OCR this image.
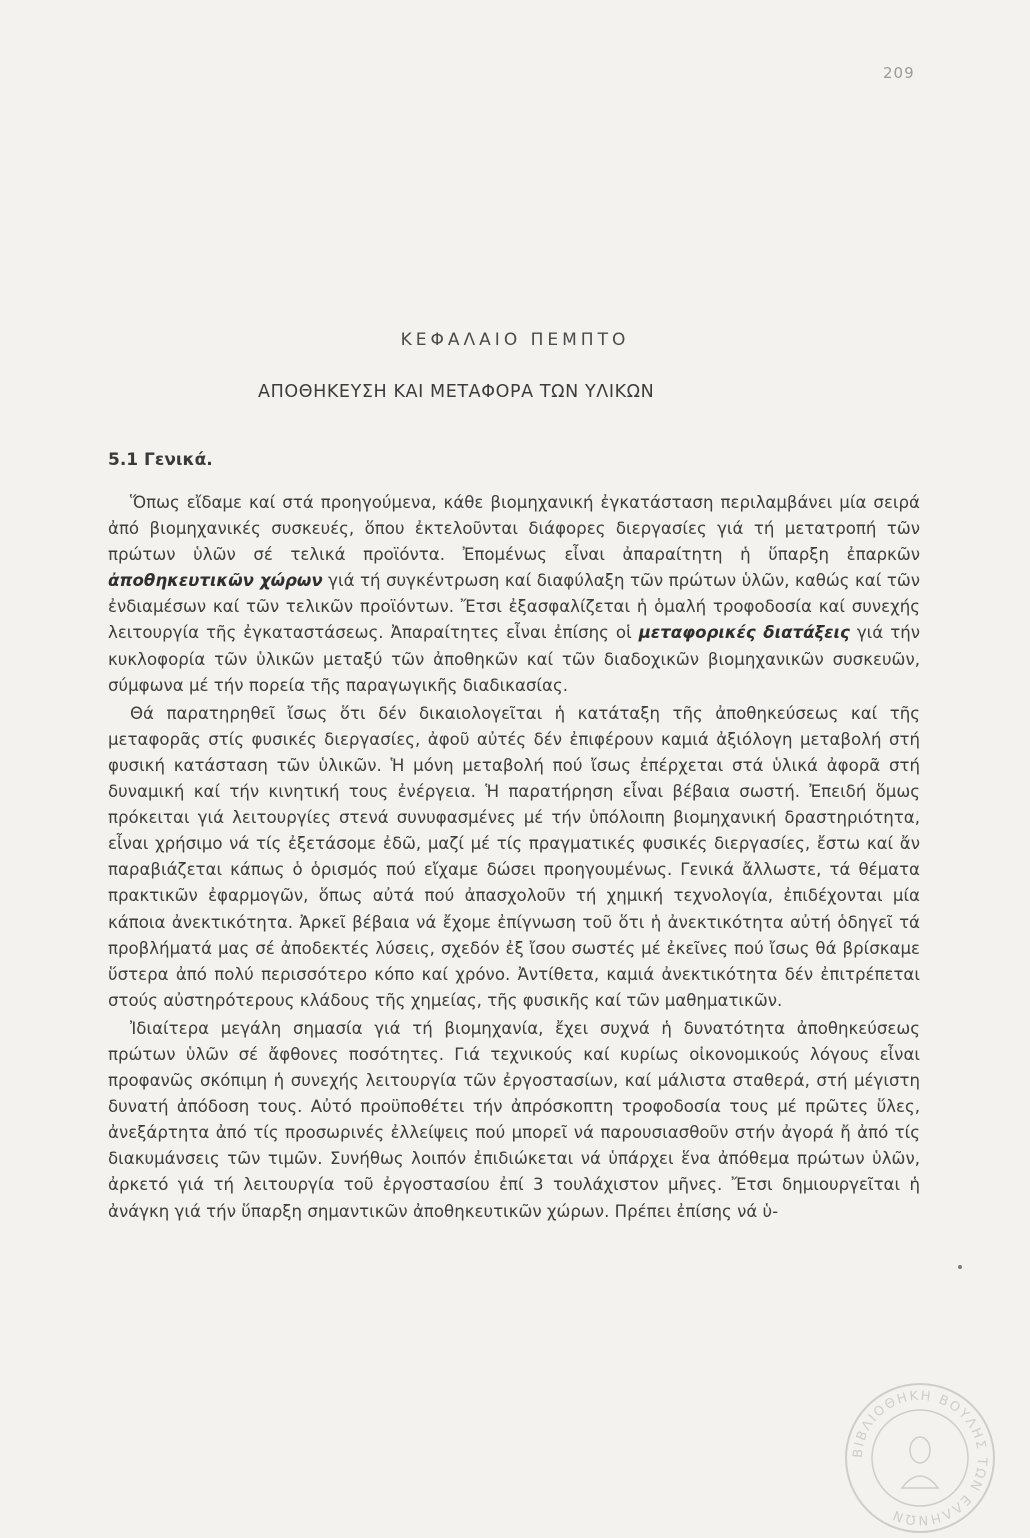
209

ΚΕΦΑΛΑΙΟ ΠΕΜΠΤΟ
ΑΠΟΘΗΚΕΥΣΗ ΚΑΙ ΜΕΤΑΦΟΡΑ ΤΩΝ ΥΛΙΚΩΝ
5.1 Γενικά.

Ὅπως εἴδαμε καί στά προηγούμενα, κάθε βιομηχανική ἐγκατάσταση περιλαμβάνει μία σειρά ἀπό βιομηχανικές συσκευές, ὅπου ἐκτελοῦνται διάφορες διεργασίες γιά τή μετατροπή τῶν πρώτων ὑλῶν σέ τελικά προϊόντα. Ἐπομένως εἶναι ἀπαραίτητη ἡ ὕπαρξη ἐπαρκῶν ἀποθηκευτικῶν χώρων γιά τή συγκέντρωση καί διαφύλαξη τῶν πρώτων ὑλῶν, καθώς καί τῶν ἐνδιαμέσων καί τῶν τελικῶν προϊόντων. Ἔτσι ἐξασφαλίζεται ἡ ὁμαλή τροφοδοσία καί συνεχής λειτουργία τῆς ἐγκαταστάσεως. Ἀπαραίτητες εἶναι ἐπίσης οἱ μεταφορικές διατάξεις γιά τήν κυκλοφορία τῶν ὑλικῶν μεταξύ τῶν ἀποθηκῶν καί τῶν διαδοχικῶν βιομηχανικῶν συσκευῶν, σύμφωνα μέ τήν πορεία τῆς παραγωγικῆς διαδικασίας.

Θά παρατηρηθεῖ ἴσως ὅτι δέν δικαιολογεῖται ἡ κατάταξη τῆς ἀποθηκεύσεως καί τῆς μεταφορᾶς στίς φυσικές διεργασίες, ἀφοῦ αὐτές δέν ἐπιφέρουν καμιά ἀξιόλογη μεταβολή στή φυσική κατάσταση τῶν ὑλικῶν. Ἡ μόνη μεταβολή πού ἴσως ἐπέρχεται στά ὑλικά ἀφορᾶ στή δυναμική καί τήν κινητική τους ἐνέργεια. Ἡ παρατήρηση εἶναι βέβαια σωστή. Ἐπειδή ὅμως πρόκειται γιά λειτουργίες στενά συνυφασμένες μέ τήν ὑπόλοιπη βιομηχανική δραστηριότητα, εἶναι χρήσιμο νά τίς ἐξετάσομε ἐδῶ, μαζί μέ τίς πραγματικές φυσικές διεργασίες, ἔστω καί ἄν παραβιάζεται κάπως ὁ ὁρισμός πού εἴχαμε δώσει προηγουμένως. Γενικά ἄλλωστε, τά θέματα πρακτικῶν ἐφαρμογῶν, ὅπως αὐτά πού ἀπασχολοῦν τή χημική τεχνολογία, ἐπιδέχονται μία κάποια ἀνεκτικότητα. Ἀρκεῖ βέβαια νά ἔχομε ἐπίγνωση τοῦ ὅτι ἡ ἀνεκτικότητα αὐτή ὁδηγεῖ τά προβλήματά μας σέ ἀποδεκτές λύσεις, σχεδόν ἐξ ἴσου σωστές μέ ἐκεῖνες πού ἴσως θά βρίσκαμε ὕστερα ἀπό πολύ περισσότερο κόπο καί χρόνο. Ἀντίθετα, καμιά ἀνεκτικότητα δέν ἐπιτρέπεται στούς αὐστηρότερους κλάδους τῆς χημείας, τῆς φυσικῆς καί τῶν μαθηματικῶν.

Ἰδιαίτερα μεγάλη σημασία γιά τή βιομηχανία, ἔχει συχνά ἡ δυνατότητα ἀποθηκεύσεως πρώτων ὑλῶν σέ ἄφθονες ποσότητες. Γιά τεχνικούς καί κυρίως οἰκονομικούς λόγους εἶναι προφανῶς σκόπιμη ἡ συνεχής λειτουργία τῶν ἐργοστασίων, καί μάλιστα σταθερά, στή μέγιστη δυνατή ἀπόδοση τους. Αὐτό προϋποθέτει τήν ἀπρόσκοπτη τροφοδοσία τους μέ πρῶτες ὕλες, ἀνεξάρτητα ἀπό τίς προσωρινές ἐλλείψεις πού μπορεῖ νά παρουσιασθοῦν στήν ἀγορά ἤ ἀπό τίς διακυμάνσεις τῶν τιμῶν. Συνήθως λοιπόν ἐπιδιώκεται νά ὑπάρχει ἕνα ἀπόθεμα πρώτων ὑλῶν, ἀρκετό γιά τή λειτουργία τοῦ ἐργοστασίου ἐπί 3 τουλάχιστον μῆνες. Ἔτσι δημιουργεῖται ἡ ἀνάγκη γιά τήν ὕπαρξη σημαντικῶν ἀποθηκευτικῶν χώρων. Πρέπει ἐπίσης νά ὑ-

ΒΙΒΛΙΟΘΗΚΗ ΒΟΥΛΗΣ ΤΩΝ ΕΛΛΗΝΩΝ
